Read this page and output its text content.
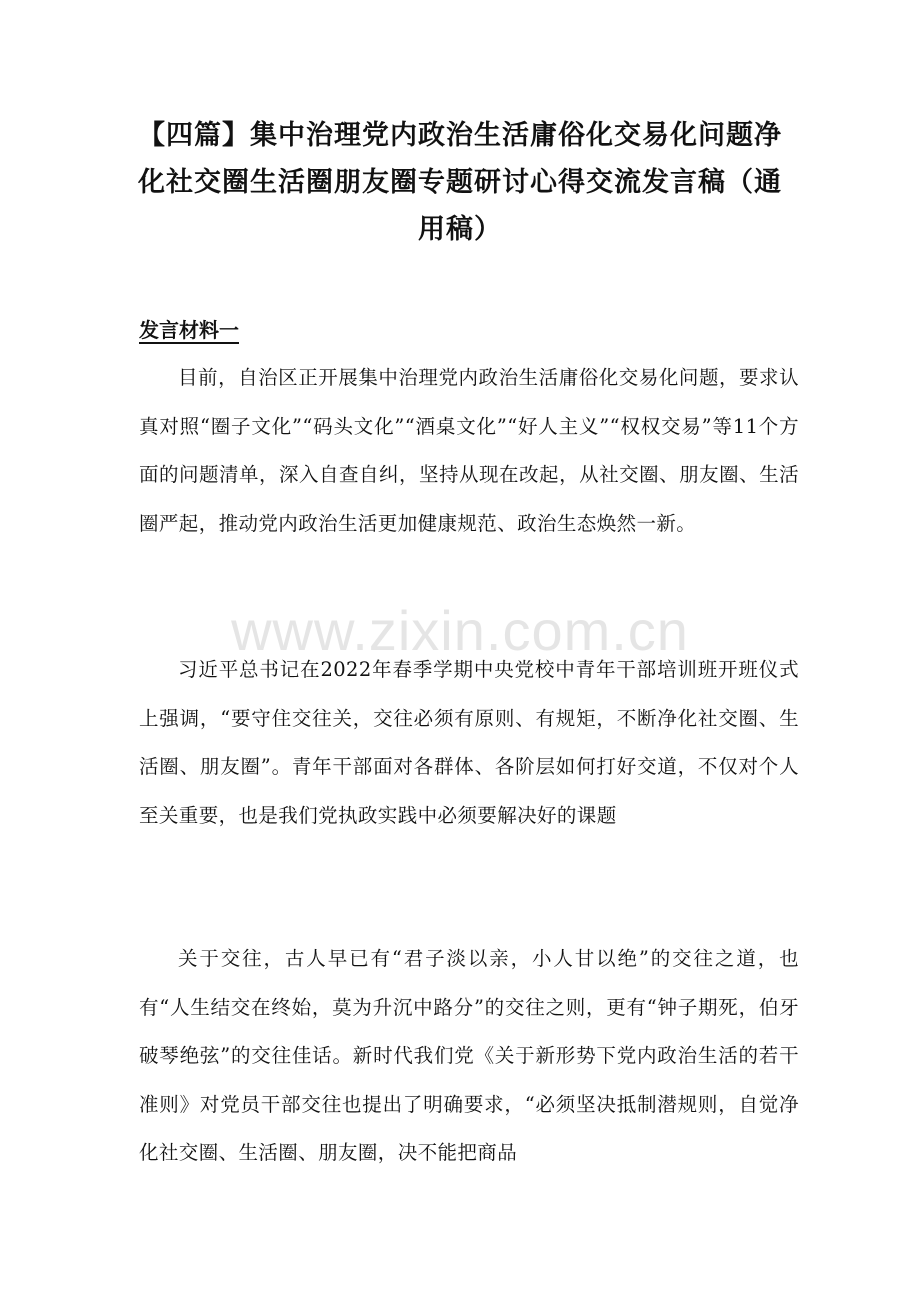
【四篇】集中治理党内政治生活庸俗化交易化问题净化社交圈生活圈朋友圈专题研讨心得交流发言稿（通用稿）
发言材料一

目前，自治区正开展集中治理党内政治生活庸俗化交易化问题，要求认真对照“圈子文化”“码头文化”“酒桌文化”“好人主义”“权权交易”等11个方面的问题清单，深入自查自纠，坚持从现在改起，从社交圈、朋友圈、生活圈严起，推动党内政治生活更加健康规范、政治生态焕然一新。

www.zixin.com.cn

习近平总书记在2022年春季学期中央党校中青年干部培训班开班仪式上强调，“要守住交往关，交往必须有原则、有规矩，不断净化社交圈、生活圈、朋友圈”。青年干部面对各群体、各阶层如何打好交道，不仅对个人至关重要，也是我们党执政实践中必须要解决好的课题

关于交往，古人早已有“君子淡以亲，小人甘以绝”的交往之道，也有“人生结交在终始，莫为升沉中路分”的交往之则，更有“钟子期死，伯牙破琴绝弦”的交往佳话。新时代我们党《关于新形势下党内政治生活的若干准则》对党员干部交往也提出了明确要求，“必须坚决抵制潜规则，自觉净化社交圈、生活圈、朋友圈，决不能把商品
